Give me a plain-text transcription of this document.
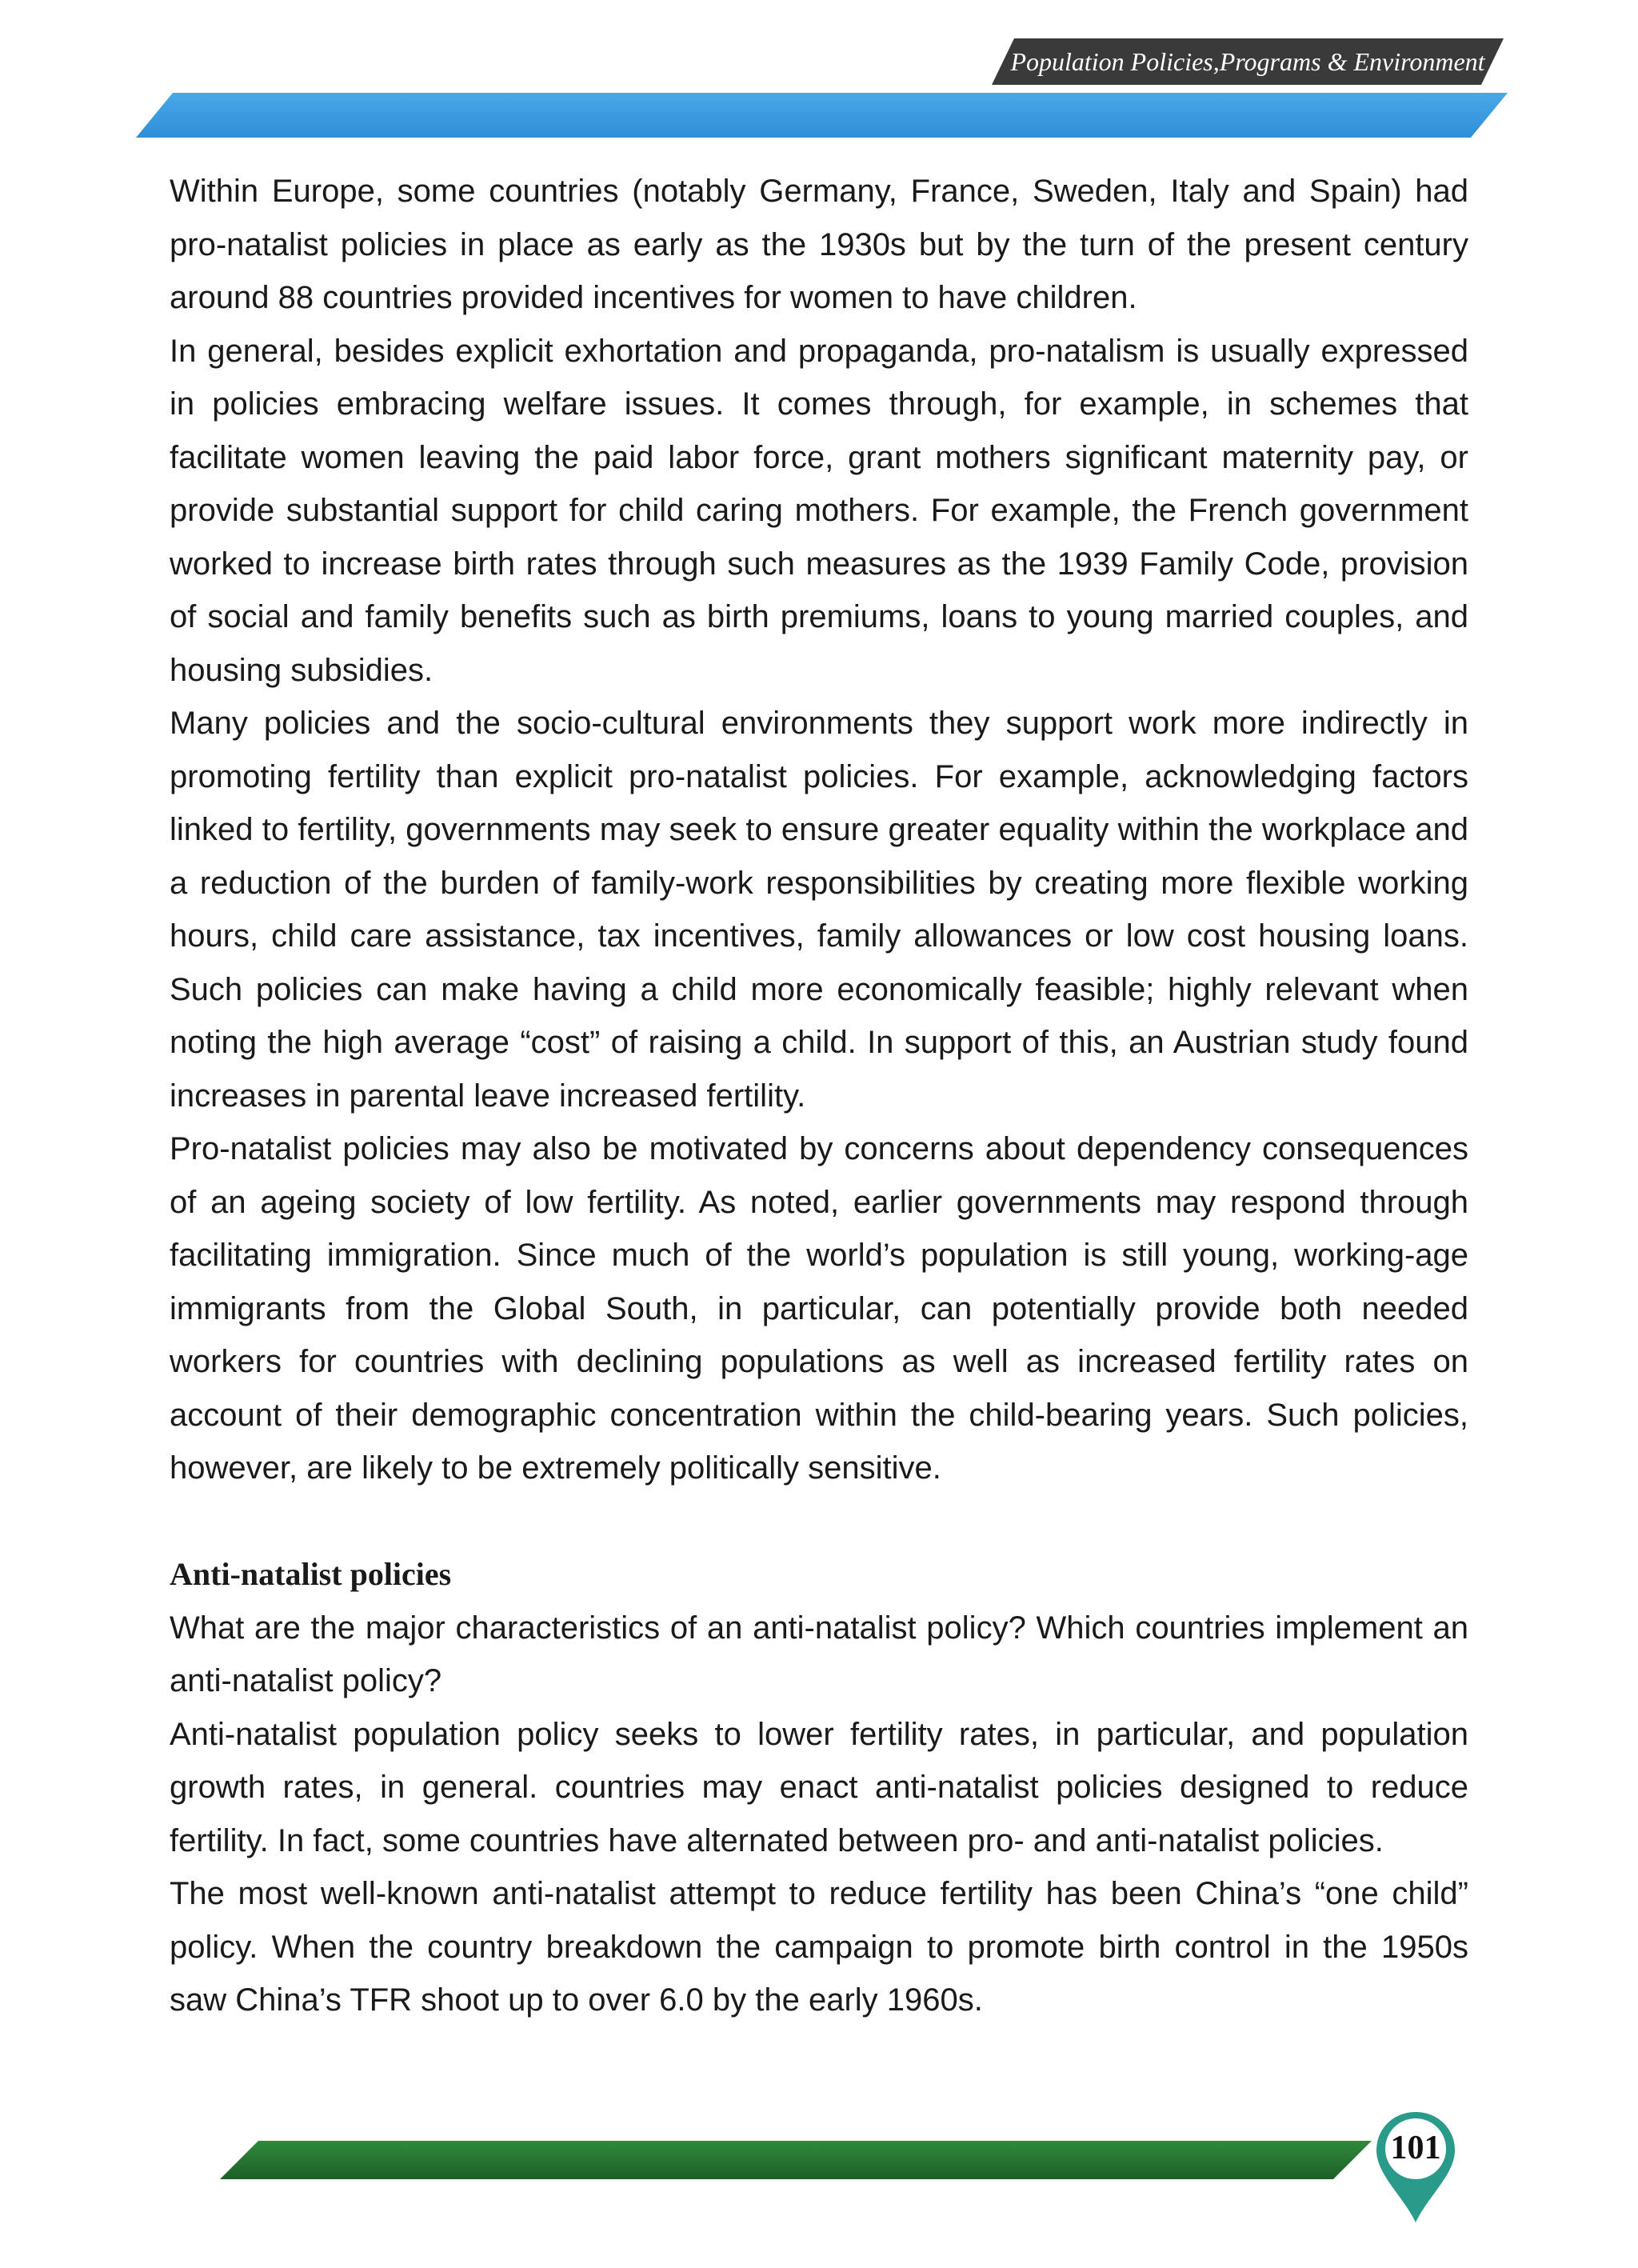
Population Policies,Programs & Environment

Within Europe, some countries (notably Germany, France, Sweden, Italy and Spain) had pro-natalist policies in place as early as the 1930s but by the turn of the present century around 88 countries provided incentives for women to have children.

In general, besides explicit exhortation and propaganda, pro-natalism is usually expressed in policies embracing welfare issues. It comes through, for example, in schemes that facilitate women leaving the paid labor force, grant mothers significant maternity pay, or provide substantial support for child caring mothers. For example, the French government worked to increase birth rates through such measures as the 1939 Family Code, provision of social and family benefits such as birth premiums, loans to young married couples, and housing subsidies.

Many policies and the socio-cultural environments they support work more indirectly in promoting fertility than explicit pro-natalist policies. For example, acknowledging factors linked to fertility, governments may seek to ensure greater equality within the workplace and a reduction of the burden of family-work responsibilities by creating more flexible working hours, child care assistance, tax incentives, family allowances or low cost housing loans. Such policies can make having a child more economically feasible; highly relevant when noting the high average “cost” of raising a child. In support of this, an Austrian study found increases in parental leave increased fertility.

Pro-natalist policies may also be motivated by concerns about dependency consequences of an ageing society of low fertility. As noted, earlier governments may respond through facilitating immigration. Since much of the world’s population is still young, working-age immigrants from the Global South, in particular, can potentially provide both needed workers for countries with declining populations as well as increased fertility rates on account of their demographic concentration within the child-bearing years. Such policies, however, are likely to be extremely politically sensitive.

Anti-natalist policies

What are the major characteristics of an anti-natalist policy? Which countries implement an anti-natalist policy?

Anti-natalist population policy seeks to lower fertility rates, in particular, and population growth rates, in general. countries may enact anti-natalist policies designed to reduce fertility. In fact, some countries have alternated between pro- and anti-natalist policies.

The most well-known anti-natalist attempt to reduce fertility has been China’s “one child” policy. When the country breakdown the campaign to promote birth control in the 1950s saw China’s TFR shoot up to over 6.0 by the early 1960s.

101
